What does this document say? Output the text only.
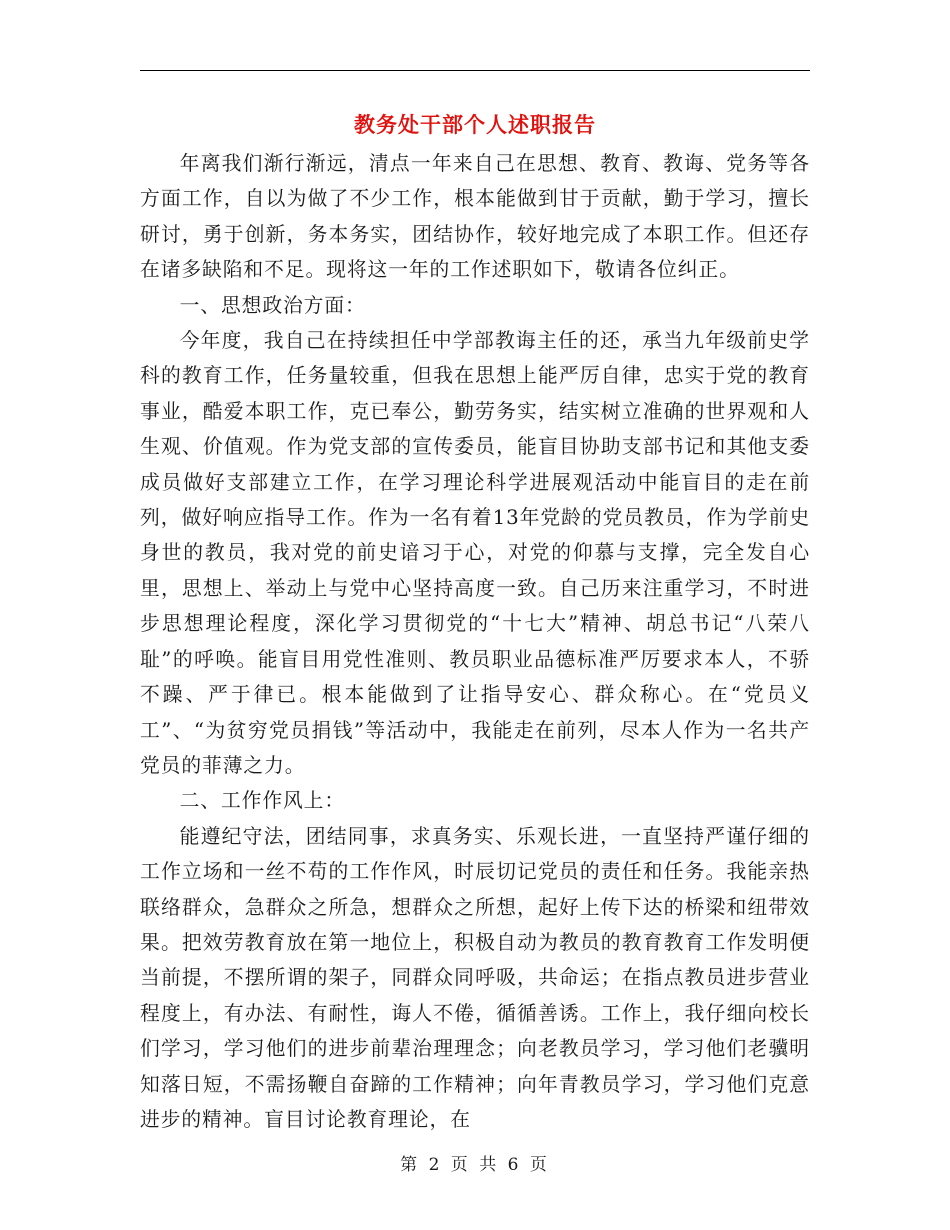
教务处干部个人述职报告

年离我们渐行渐远，清点一年来自己在思想、教育、教诲、党务等各方面工作，自以为做了不少工作，根本能做到甘于贡献，勤于学习，擅长研讨，勇于创新，务本务实，团结协作，较好地完成了本职工作。但还存在诸多缺陷和不足。现将这一年的工作述职如下，敬请各位纠正。

一、思想政治方面：

今年度，我自己在持续担任中学部教诲主任的还，承当九年级前史学科的教育工作，任务量较重，但我在思想上能严厉自律，忠实于党的教育事业，酷爱本职工作，克已奉公，勤劳务实，结实树立准确的世界观和人生观、价值观。作为党支部的宣传委员，能盲目协助支部书记和其他支委成员做好支部建立工作，在学习理论科学进展观活动中能盲目的走在前列，做好响应指导工作。作为一名有着13年党龄的党员教员，作为学前史身世的教员，我对党的前史谙习于心，对党的仰慕与支撑，完全发自心里，思想上、举动上与党中心坚持高度一致。自己历来注重学习，不时进步思想理论程度，深化学习贯彻党的“十七大”精神、胡总书记“八荣八耻”的呼唤。能盲目用党性准则、教员职业品德标准严厉要求本人，不骄不躁、严于律已。根本能做到了让指导安心、群众称心。在“党员义工”、“为贫穷党员捐钱”等活动中，我能走在前列，尽本人作为一名共产党员的菲薄之力。

二、工作作风上：

能遵纪守法，团结同事，求真务实、乐观长进，一直坚持严谨仔细的工作立场和一丝不苟的工作作风，时辰切记党员的责任和任务。我能亲热联络群众，急群众之所急，想群众之所想，起好上传下达的桥梁和纽带效果。把效劳教育放在第一地位上，积极自动为教员的教育教育工作发明便当前提，不摆所谓的架子，同群众同呼吸，共命运；在指点教员进步营业程度上，有办法、有耐性，诲人不倦，循循善诱。工作上，我仔细向校长们学习，学习他们的进步前辈治理理念；向老教员学习，学习他们老骥明知落日短，不需扬鞭自奋蹄的工作精神；向年青教员学习，学习他们克意进步的精神。盲目讨论教育理论，在

第 2 页 共 6 页
